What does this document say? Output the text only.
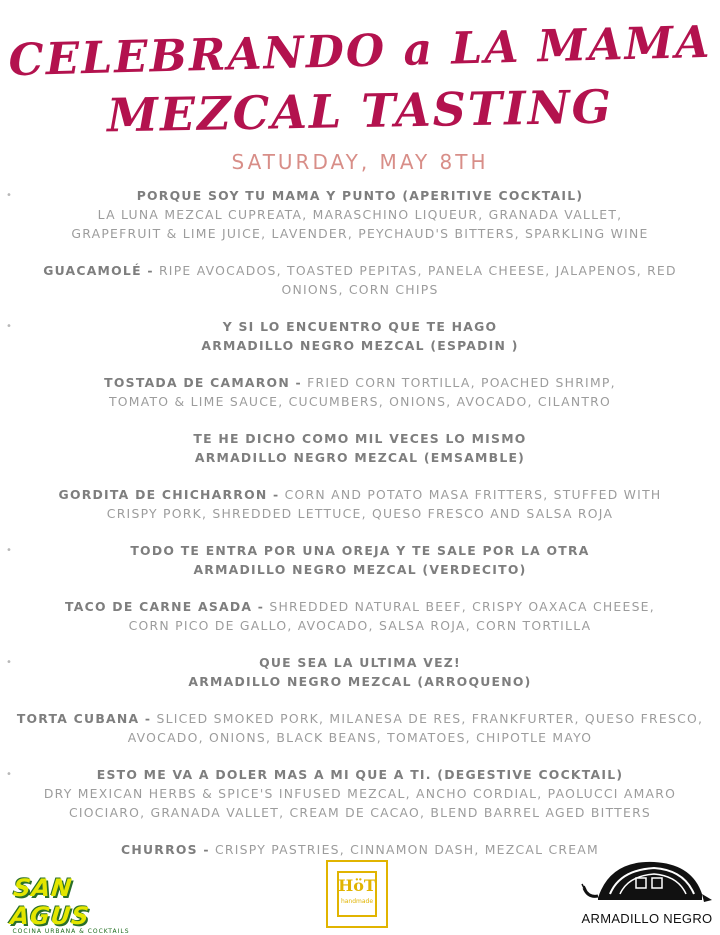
CELEBRANDO a LA MAMA
MEZCAL TASTING
SATURDAY, MAY 8TH
•	PORQUE SOY TU MAMA Y PUNTO (APERITIVE COCKTAIL)
LA LUNA MEZCAL CUPREATA, MARASCHINO LIQUEUR, GRANADA VALLET,
GRAPEFRUIT & LIME JUICE, LAVENDER, PEYCHAUD'S BITTERS, SPARKLING WINE
GUACAMOLÉ - RIPE AVOCADOS, TOASTED PEPITAS, PANELA CHEESE, JALAPENOS, RED
ONIONS, CORN CHIPS
•	Y SI LO ENCUENTRO QUE TE HAGO
ARMADILLO NEGRO MEZCAL (ESPADIN )
TOSTADA DE CAMARON - FRIED CORN TORTILLA, POACHED SHRIMP,
TOMATO & LIME SAUCE, CUCUMBERS, ONIONS, AVOCADO, CILANTRO
TE HE DICHO COMO MIL VECES LO MISMO
ARMADILLO NEGRO MEZCAL (EMSAMBLE)
GORDITA DE CHICHARRON - CORN AND POTATO MASA FRITTERS, STUFFED WITH
CRISPY PORK, SHREDDED LETTUCE, QUESO FRESCO AND SALSA ROJA
•	TODO TE ENTRA POR UNA OREJA Y TE SALE POR LA OTRA
ARMADILLO NEGRO MEZCAL (VERDECITO)
TACO DE CARNE ASADA - SHREDDED NATURAL BEEF, CRISPY OAXACA CHEESE,
CORN PICO DE GALLO, AVOCADO, SALSA ROJA, CORN TORTILLA
•	QUE SEA LA ULTIMA VEZ!
ARMADILLO NEGRO MEZCAL (ARROQUENO)
TORTA CUBANA - SLICED SMOKED PORK, MILANESA DE RES, FRANKFURTER, QUESO FRESCO,
AVOCADO, ONIONS, BLACK BEANS, TOMATOES, CHIPOTLE MAYO
•	ESTO ME VA A DOLER MAS A MI QUE A TI. (DEGESTIVE COCKTAIL)
DRY MEXICAN HERBS & SPICE'S INFUSED MEZCAL, ANCHO CORDIAL, PAOLUCCI AMARO
CIOCIARO, GRANADA VALLET, CREAM DE CACAO, BLEND BARREL AGED BITTERS
CHURROS - CRISPY PASTRIES, CINNAMON DASH, MEZCAL CREAM
SAN AGUS
COCINA URBANA & COCKTAILS
HöT
handmade
ARMADILLO NEGRO
